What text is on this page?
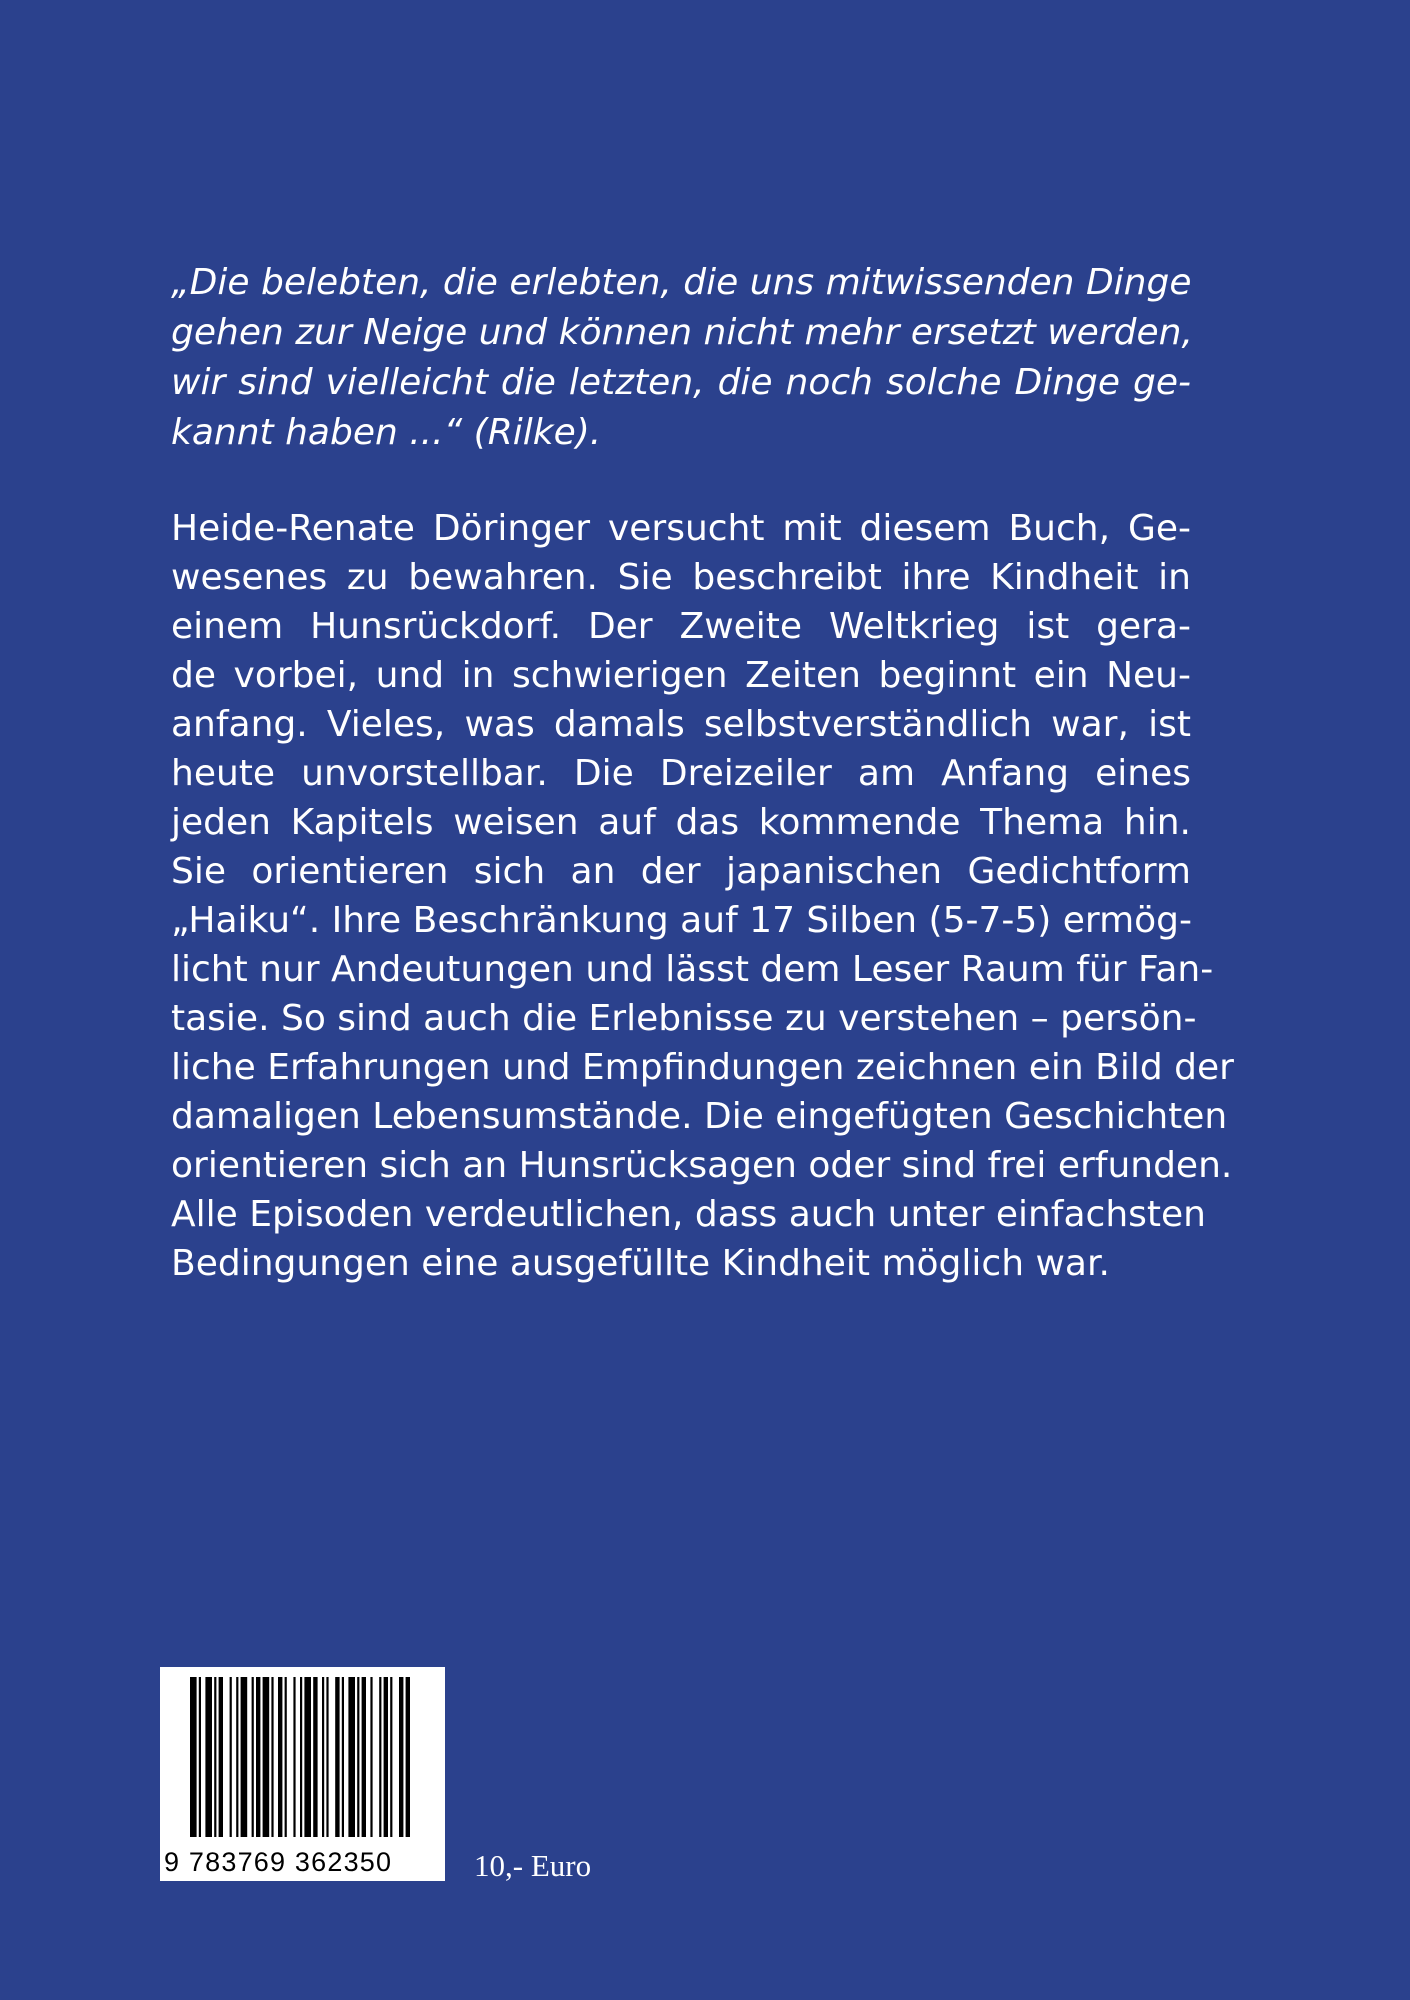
„Die belebten, die erlebten, die uns mitwissenden Dinge
gehen zur Neige und können nicht mehr ersetzt werden,
wir sind vielleicht die letzten, die noch solche Dinge ge-
kannt haben ...“ (Rilke).
Heide-Renate Döringer versucht mit diesem Buch, Ge-
wesenes zu bewahren. Sie beschreibt ihre Kindheit in
einem Hunsrückdorf. Der Zweite Weltkrieg ist gera-
de vorbei, und in schwierigen Zeiten beginnt ein Neu-
anfang. Vieles, was damals selbstverständlich war, ist
heute unvorstellbar. Die Dreizeiler am Anfang eines
jeden Kapitels weisen auf das kommende Thema hin.
Sie orientieren sich an der japanischen Gedichtform
„Haiku“. Ihre Beschränkung auf 17 Silben (5-7-5) ermög-
licht nur Andeutungen und lässt dem Leser Raum für Fan-
tasie. So sind auch die Erlebnisse zu verstehen – persön-
liche Erfahrungen und Empfindungen zeichnen ein Bild der
damaligen Lebensumstände. Die eingefügten Geschichten
orientieren sich an Hunsrücksagen oder sind frei erfunden.
Alle Episoden verdeutlichen, dass auch unter einfachsten
Bedingungen eine ausgefüllte Kindheit möglich war.
9 783769 362350	10,- Euro
